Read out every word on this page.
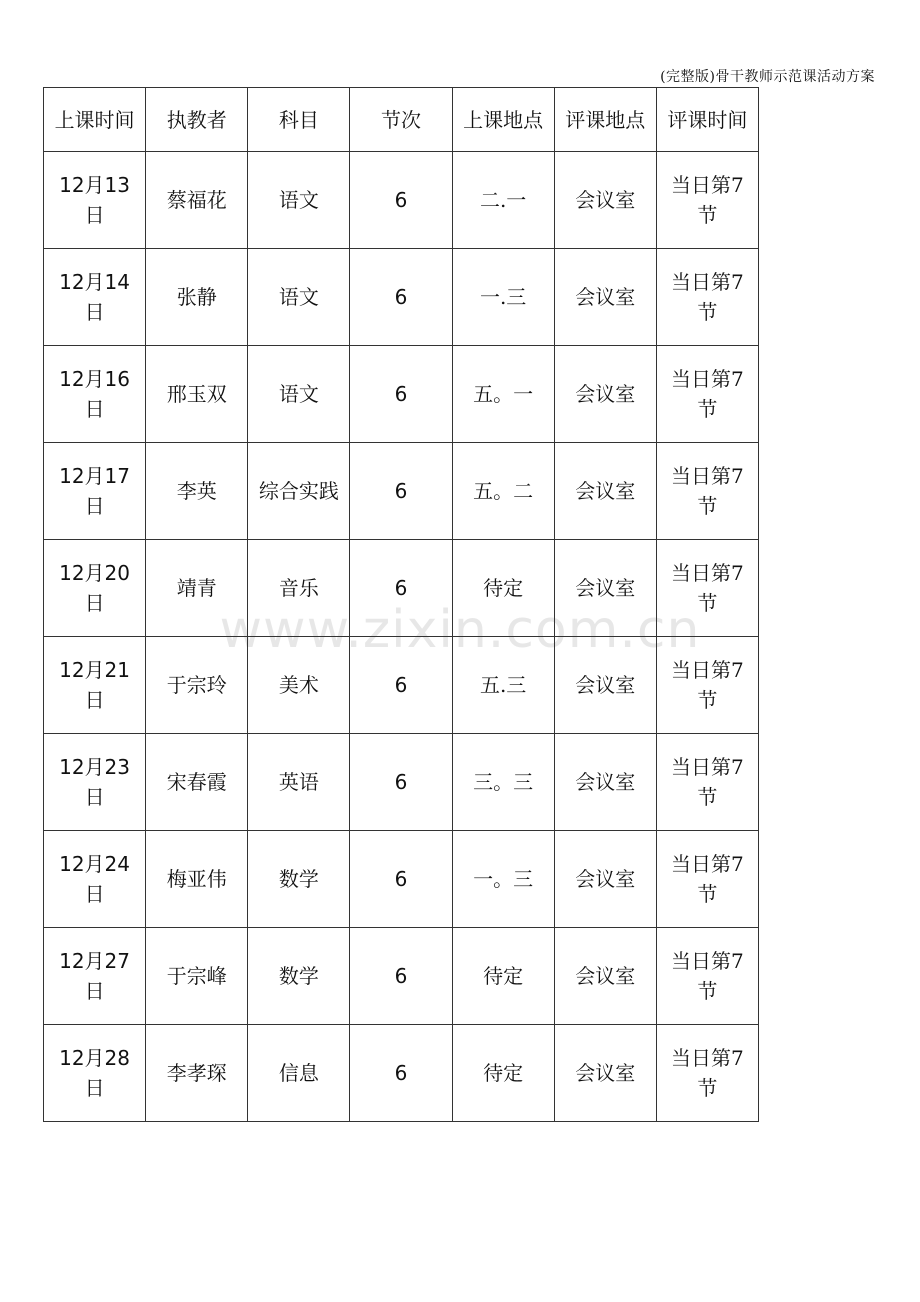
(完整版)骨干教师示范课活动方案
www.zixin.com.cn
上课时间	执教者	科目	节次	上课地点	评课地点	评课时间
12月13日	蔡福花	语文	6	二.一	会议室	当日第7节
12月14日	张静	语文	6	一.三	会议室	当日第7节
12月16日	邢玉双	语文	6	五。一	会议室	当日第7节
12月17日	李英	综合实践	6	五。二	会议室	当日第7节
12月20日	靖青	音乐	6	待定	会议室	当日第7节
12月21日	于宗玲	美术	6	五.三	会议室	当日第7节
12月23日	宋春霞	英语	6	三。三	会议室	当日第7节
12月24日	梅亚伟	数学	6	一。三	会议室	当日第7节
12月27日	于宗峰	数学	6	待定	会议室	当日第7节
12月28日	李孝琛	信息	6	待定	会议室	当日第7节
